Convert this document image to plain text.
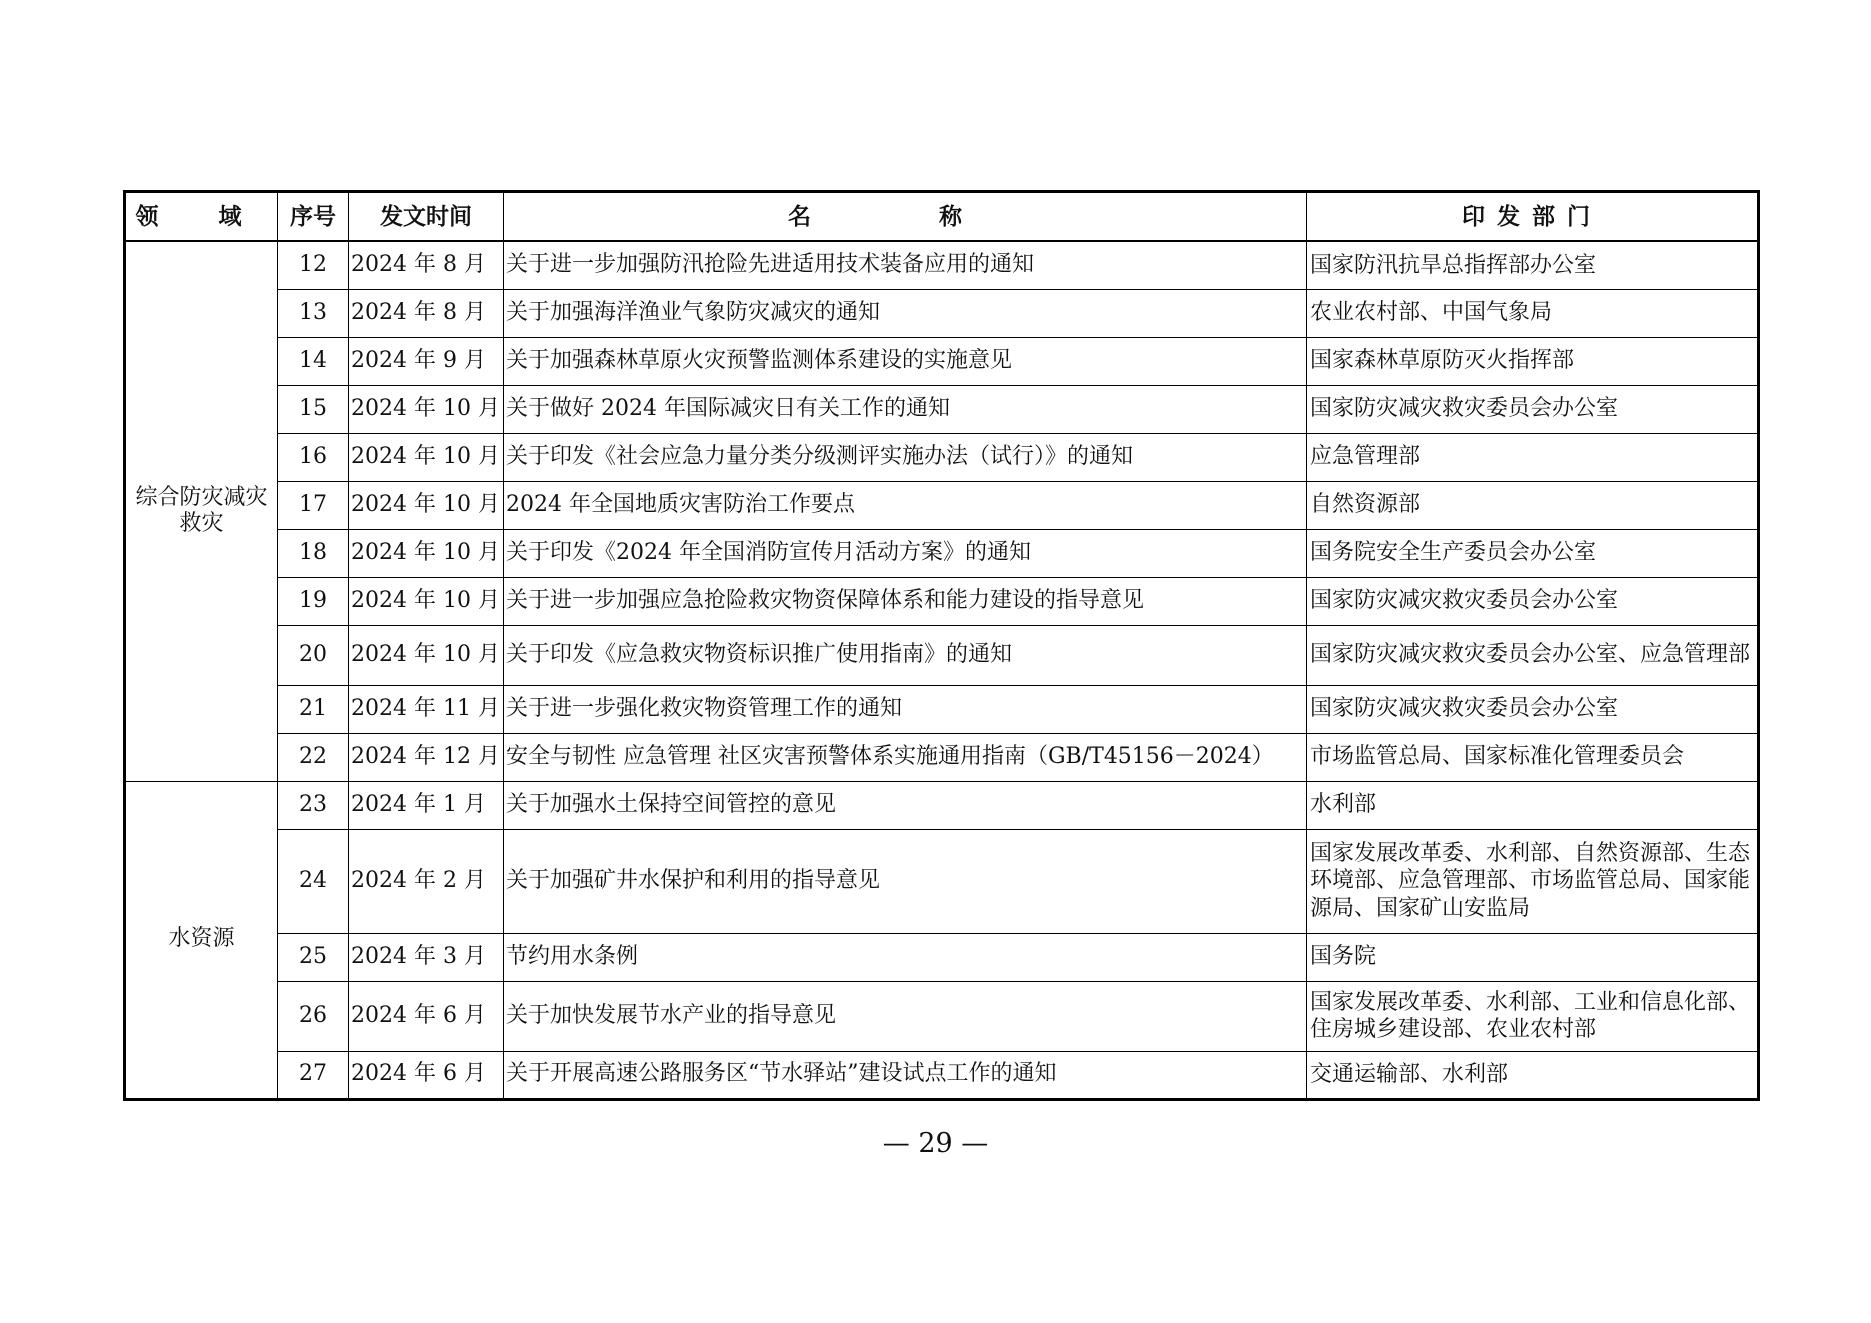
领 域	序号	发文时间	名 称	印发部门
综合防灾减灾救灾	12	2024 年 8 月	关于进一步加强防汛抢险先进适用技术装备应用的通知	国家防汛抗旱总指挥部办公室
	13	2024 年 8 月	关于加强海洋渔业气象防灾减灾的通知	农业农村部、中国气象局
	14	2024 年 9 月	关于加强森林草原火灾预警监测体系建设的实施意见	国家森林草原防灭火指挥部
	15	2024 年 10 月	关于做好 2024 年国际减灾日有关工作的通知	国家防灾减灾救灾委员会办公室
	16	2024 年 10 月	关于印发《社会应急力量分类分级测评实施办法（试行）》的通知	应急管理部
	17	2024 年 10 月	2024 年全国地质灾害防治工作要点	自然资源部
	18	2024 年 10 月	关于印发《2024 年全国消防宣传月活动方案》的通知	国务院安全生产委员会办公室
	19	2024 年 10 月	关于进一步加强应急抢险救灾物资保障体系和能力建设的指导意见	国家防灾减灾救灾委员会办公室
	20	2024 年 10 月	关于印发《应急救灾物资标识推广使用指南》的通知	国家防灾减灾救灾委员会办公室、应急管理部
	21	2024 年 11 月	关于进一步强化救灾物资管理工作的通知	国家防灾减灾救灾委员会办公室
	22	2024 年 12 月	安全与韧性 应急管理 社区灾害预警体系实施通用指南（GB/T45156－2024）	市场监管总局、国家标准化管理委员会
水资源	23	2024 年 1 月	关于加强水土保持空间管控的意见	水利部
	24	2024 年 2 月	关于加强矿井水保护和利用的指导意见	国家发展改革委、水利部、自然资源部、生态环境部、应急管理部、市场监管总局、国家能源局、国家矿山安监局
	25	2024 年 3 月	节约用水条例	国务院
	26	2024 年 6 月	关于加快发展节水产业的指导意见	国家发展改革委、水利部、工业和信息化部、住房城乡建设部、农业农村部
	27	2024 年 6 月	关于开展高速公路服务区“节水驿站”建设试点工作的通知	交通运输部、水利部
— 29 —
